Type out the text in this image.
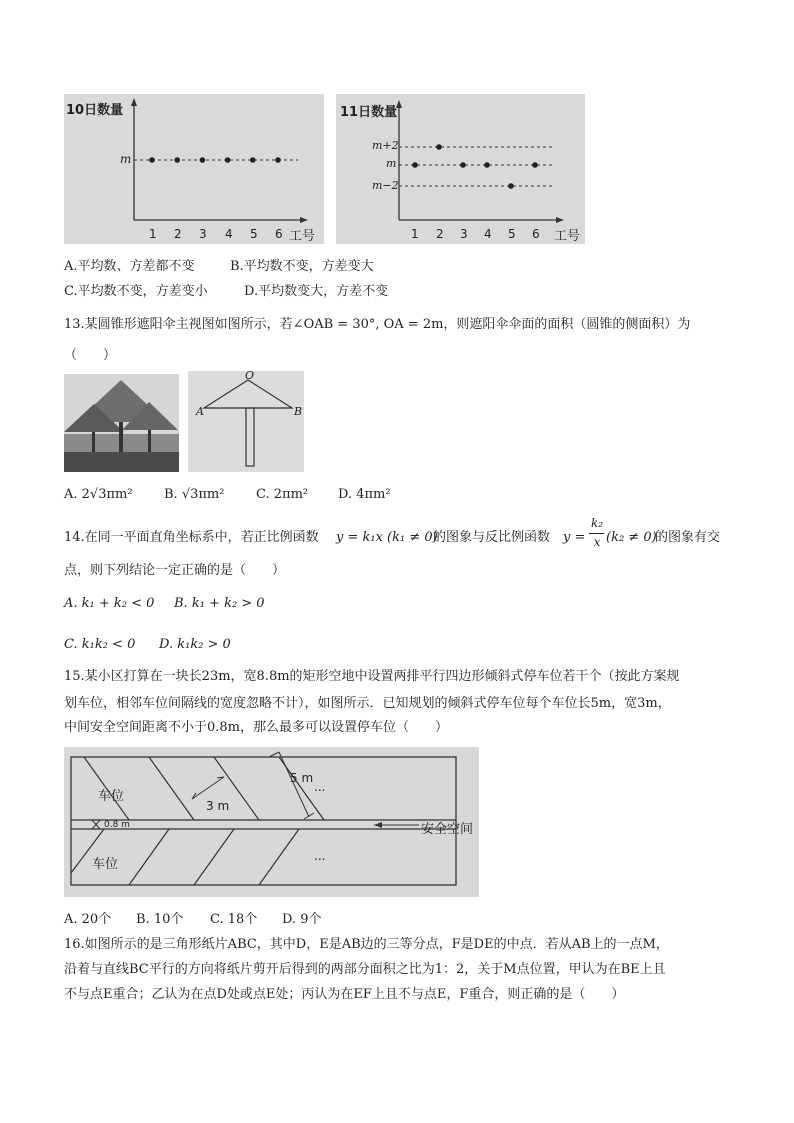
10日数量
m
工号
1 2 3 4 5 6
11日数量
m+2
m
m−2
工号
1 2 3 4 5 6
A.平均数、方差都不变	B.平均数不变，方差变大
C.平均数不变，方差变小	D.平均数变大，方差不变
13.某圆锥形遮阳伞主视图如图所示，若∠OAB = 30°, OA = 2m，则遮阳伞伞面的面积（圆锥的侧面积）为
（　　）
O
A	B
A. 2√3πm² B. √3πm² C. 2πm² D. 4πm²
14.在同一平面直角坐标系中，若正比例函数 y = k₁x (k₁ ≠ 0)
的图象与反比例函数 y =
k₂
x (k₂ ≠ 0)
的图象有交
点，则下列结论一定正确的是（　　）
A. k₁ + k₂ < 0 B. k₁ + k₂ > 0
C. k₁k₂ < 0 D. k₁k₂ > 0
15.某小区打算在一块长23m，宽8.8m的矩形空地中设置两排平行四边形倾斜式停车位若干个（按此方案规
划车位，相邻车位间隔线的宽度忽略不计），如图所示．已知规划的倾斜式停车位每个车位长5m，宽3m，
中间安全空间距离不小于0.8m，那么最多可以设置停车位（　　）
车位
车位
3 m
5 m
0.8 m
...
...
安全空间
A. 20个 B. 10个 C. 18个 D. 9个
16.如图所示的是三角形纸片ABC，其中D，E是AB边的三等分点，F是DE的中点．若从AB上的一点M，
沿着与直线BC平行的方向将纸片剪开后得到的两部分面积之比为1：2，关于M点位置，甲认为在BE上且
不与点E重合；乙认为在点D处或点E处；丙认为在EF上且不与点E，F重合，则正确的是（　　）
